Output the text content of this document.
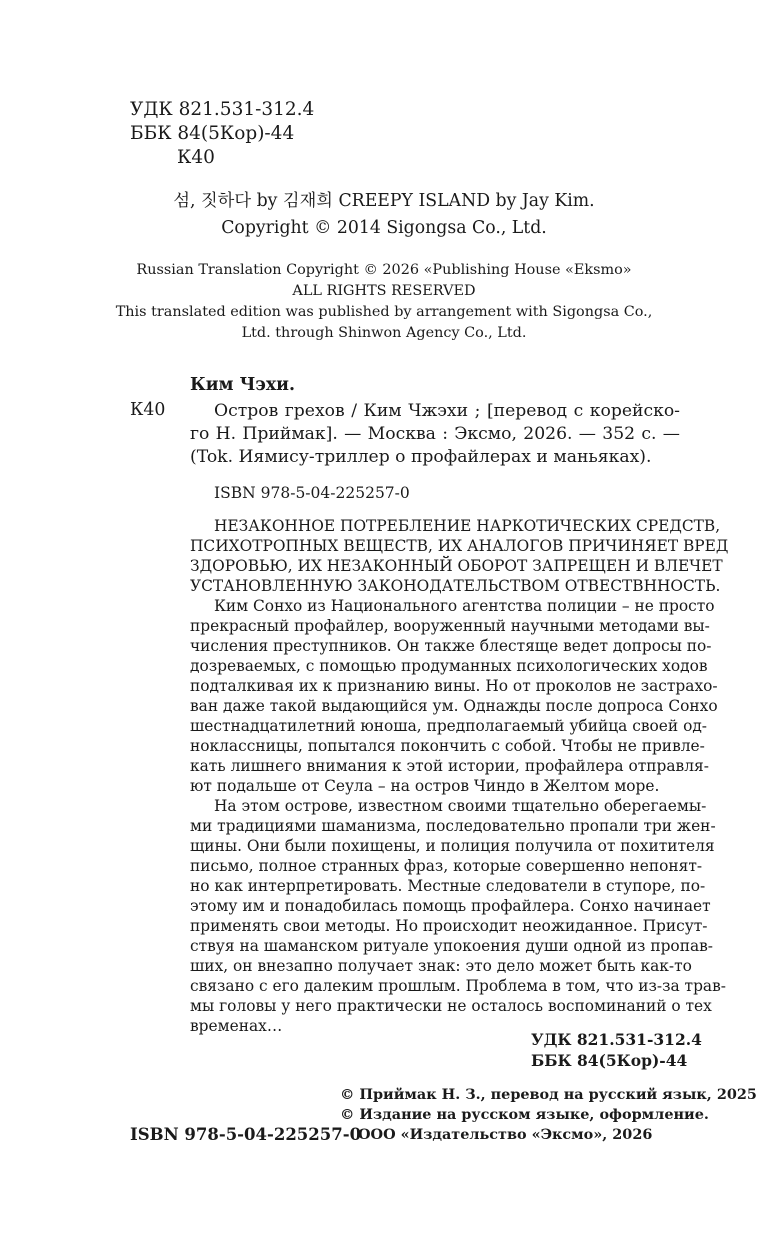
УДК 821.531-312.4
ББК 84(5Кор)-44
К40
섬, 짓하다 by 김재희 CREEPY ISLAND by Jay Kim.
Copyright © 2014 Sigongsa Co., Ltd.
Russian Translation Copyright © 2026 «Publishing House «Eksmo»
ALL RIGHTS RESERVED
This translated edition was published by arrangement with Sigongsa Co.,
Ltd. through Shinwon Agency Co., Ltd.
Ким Чэхи.
К40	Остров грехов / Ким Чжэхи ; [перевод с корейско-
го Н. Приймак]. — Москва : Эксмо, 2026. — 352 с. —
(Tok. Иямису-триллер о профайлерах и маньяках).
ISBN 978-5-04-225257-0
НЕЗАКОННОЕ ПОТРЕБЛЕНИЕ НАРКОТИЧЕСКИХ СРЕДСТВ,
ПСИХОТРОПНЫХ ВЕЩЕСТВ, ИХ АНАЛОГОВ ПРИЧИНЯЕТ ВРЕД
ЗДОРОВЬЮ, ИХ НЕЗАКОННЫЙ ОБОРОТ ЗАПРЕЩЕН И ВЛЕЧЕТ
УСТАНОВЛЕННУЮ ЗАКОНОДАТЕЛЬСТВОМ ОТВЕСТВННОСТЬ.
Ким Сонхо из Национального агентства полиции – не просто
прекрасный профайлер, вооруженный научными методами вы-
числения преступников. Он также блестяще ведет допросы по-
дозреваемых, с помощью продуманных психологических ходов
подталкивая их к признанию вины. Но от проколов не застрахо-
ван даже такой выдающийся ум. Однажды после допроса Сонхо
шестнадцатилетний юноша, предполагаемый убийца своей од-
ноклассницы, попытался покончить с собой. Чтобы не привле-
кать лишнего внимания к этой истории, профайлера отправля-
ют подальше от Сеула – на остров Чиндо в Желтом море.
На этом острове, известном своими тщательно оберегаемы-
ми традициями шаманизма, последовательно пропали три жен-
щины. Они были похищены, и полиция получила от похитителя
письмо, полное странных фраз, которые совершенно непонят-
но как интерпретировать. Местные следователи в ступоре, по-
этому им и понадобилась помощь профайлера. Сонхо начинает
применять свои методы. Но происходит неожиданное. Присут-
ствуя на шаманском ритуале упокоения души одной из пропав-
ших, он внезапно получает знак: это дело может быть как-то
связано с его далеким прошлым. Проблема в том, что из-за трав-
мы головы у него практически не осталось воспоминаний о тех
временах…
УДК 821.531-312.4
ББК 84(5Кор)-44
ISBN 978-5-04-225257-0
© Приймак Н. З., перевод на русский язык, 2025
© Издание на русском языке, оформление.
ООО «Издательство «Эксмо», 2026
